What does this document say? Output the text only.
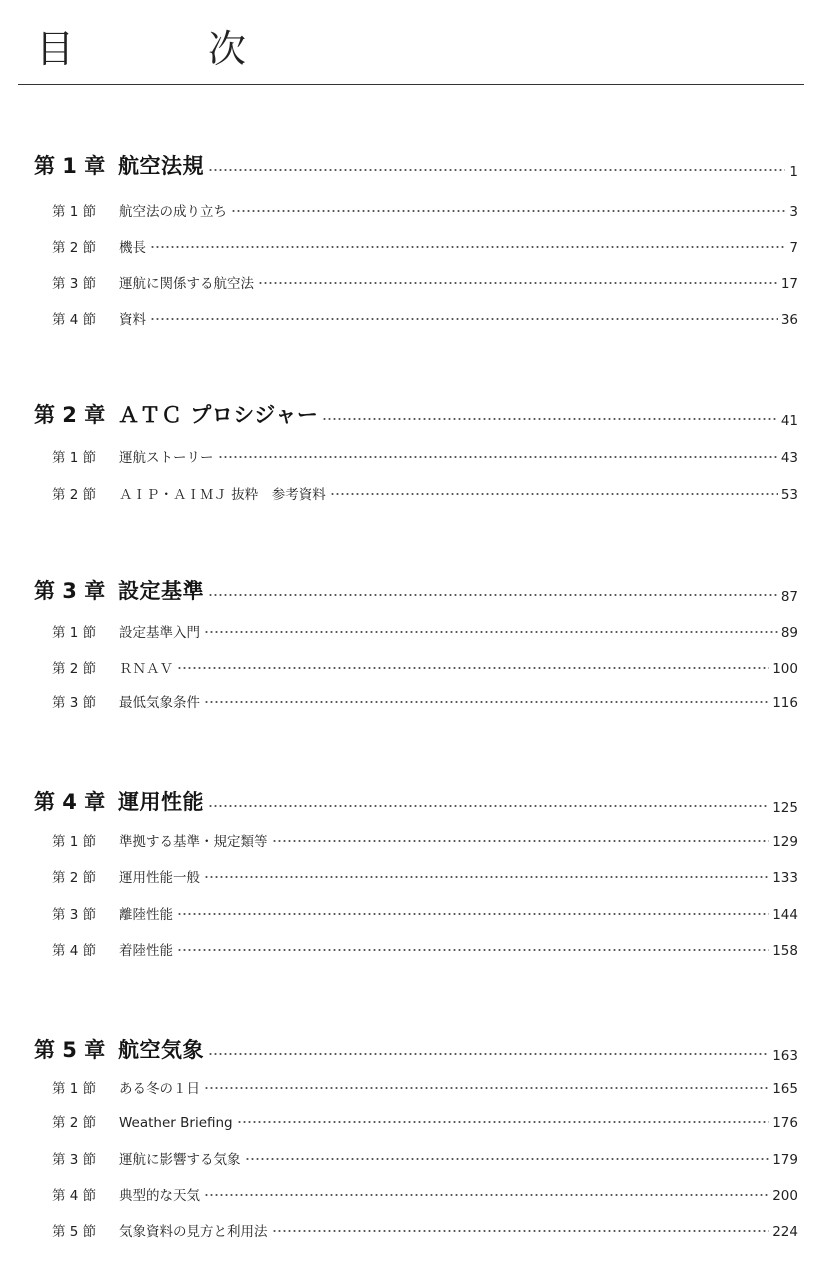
目　次
第 1 章 航空法規	1
第 1 節	航空法の成り立ち	3
第 2 節	機長	7
第 3 節	運航に関係する航空法	17
第 4 節	資料	36
第 2 章 ＡＴＣ プロシジャー	41
第 1 節	運航ストーリー	43
第 2 節	ＡＩＰ・ＡＩＭＪ 抜粋　参考資料	53
第 3 章 設定基準	87
第 1 節	設定基準入門	89
第 2 節	ＲＮＡＶ	100
第 3 節	最低気象条件	116
第 4 章 運用性能	125
第 1 節	準拠する基準・規定類等	129
第 2 節	運用性能一般	133
第 3 節	離陸性能	144
第 4 節	着陸性能	158
第 5 章 航空気象	163
第 1 節	ある冬の１日	165
第 2 節	Weather Briefing	176
第 3 節	運航に影響する気象	179
第 4 節	典型的な天気	200
第 5 節	気象資料の見方と利用法	224
